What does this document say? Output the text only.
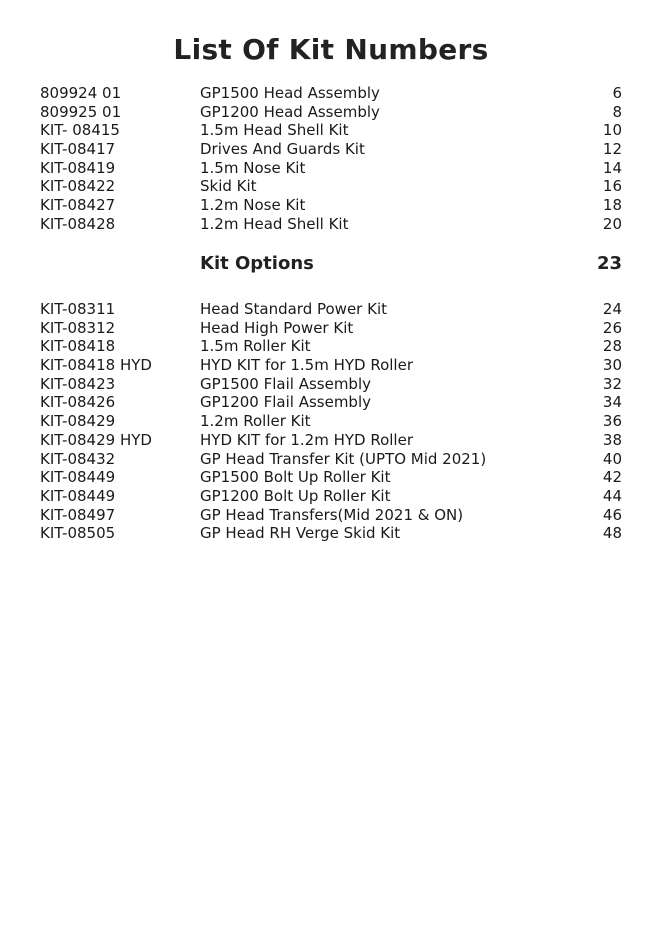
List Of Kit Numbers
809924 01	GP1500 Head Assembly	6
809925 01	GP1200 Head Assembly	8
KIT- 08415	1.5m Head Shell Kit	10
KIT-08417	Drives And Guards Kit	12
KIT-08419	1.5m Nose Kit	14
KIT-08422	Skid Kit	16
KIT-08427	1.2m Nose Kit	18
KIT-08428	1.2m Head Shell Kit	20
Kit Options	23
KIT-08311	Head Standard Power Kit	24
KIT-08312	Head High Power Kit	26
KIT-08418	1.5m Roller Kit	28
KIT-08418 HYD	HYD KIT for 1.5m HYD Roller	30
KIT-08423	GP1500 Flail Assembly	32
KIT-08426	GP1200 Flail Assembly	34
KIT-08429	1.2m Roller Kit	36
KIT-08429 HYD	HYD KIT for 1.2m HYD Roller	38
KIT-08432	GP Head Transfer Kit (UPTO Mid 2021)	40
KIT-08449	GP1500 Bolt Up Roller Kit	42
KIT-08449	GP1200 Bolt Up Roller Kit	44
KIT-08497	GP Head Transfers(Mid 2021 & ON)	46
KIT-08505	GP Head RH Verge Skid Kit	48
